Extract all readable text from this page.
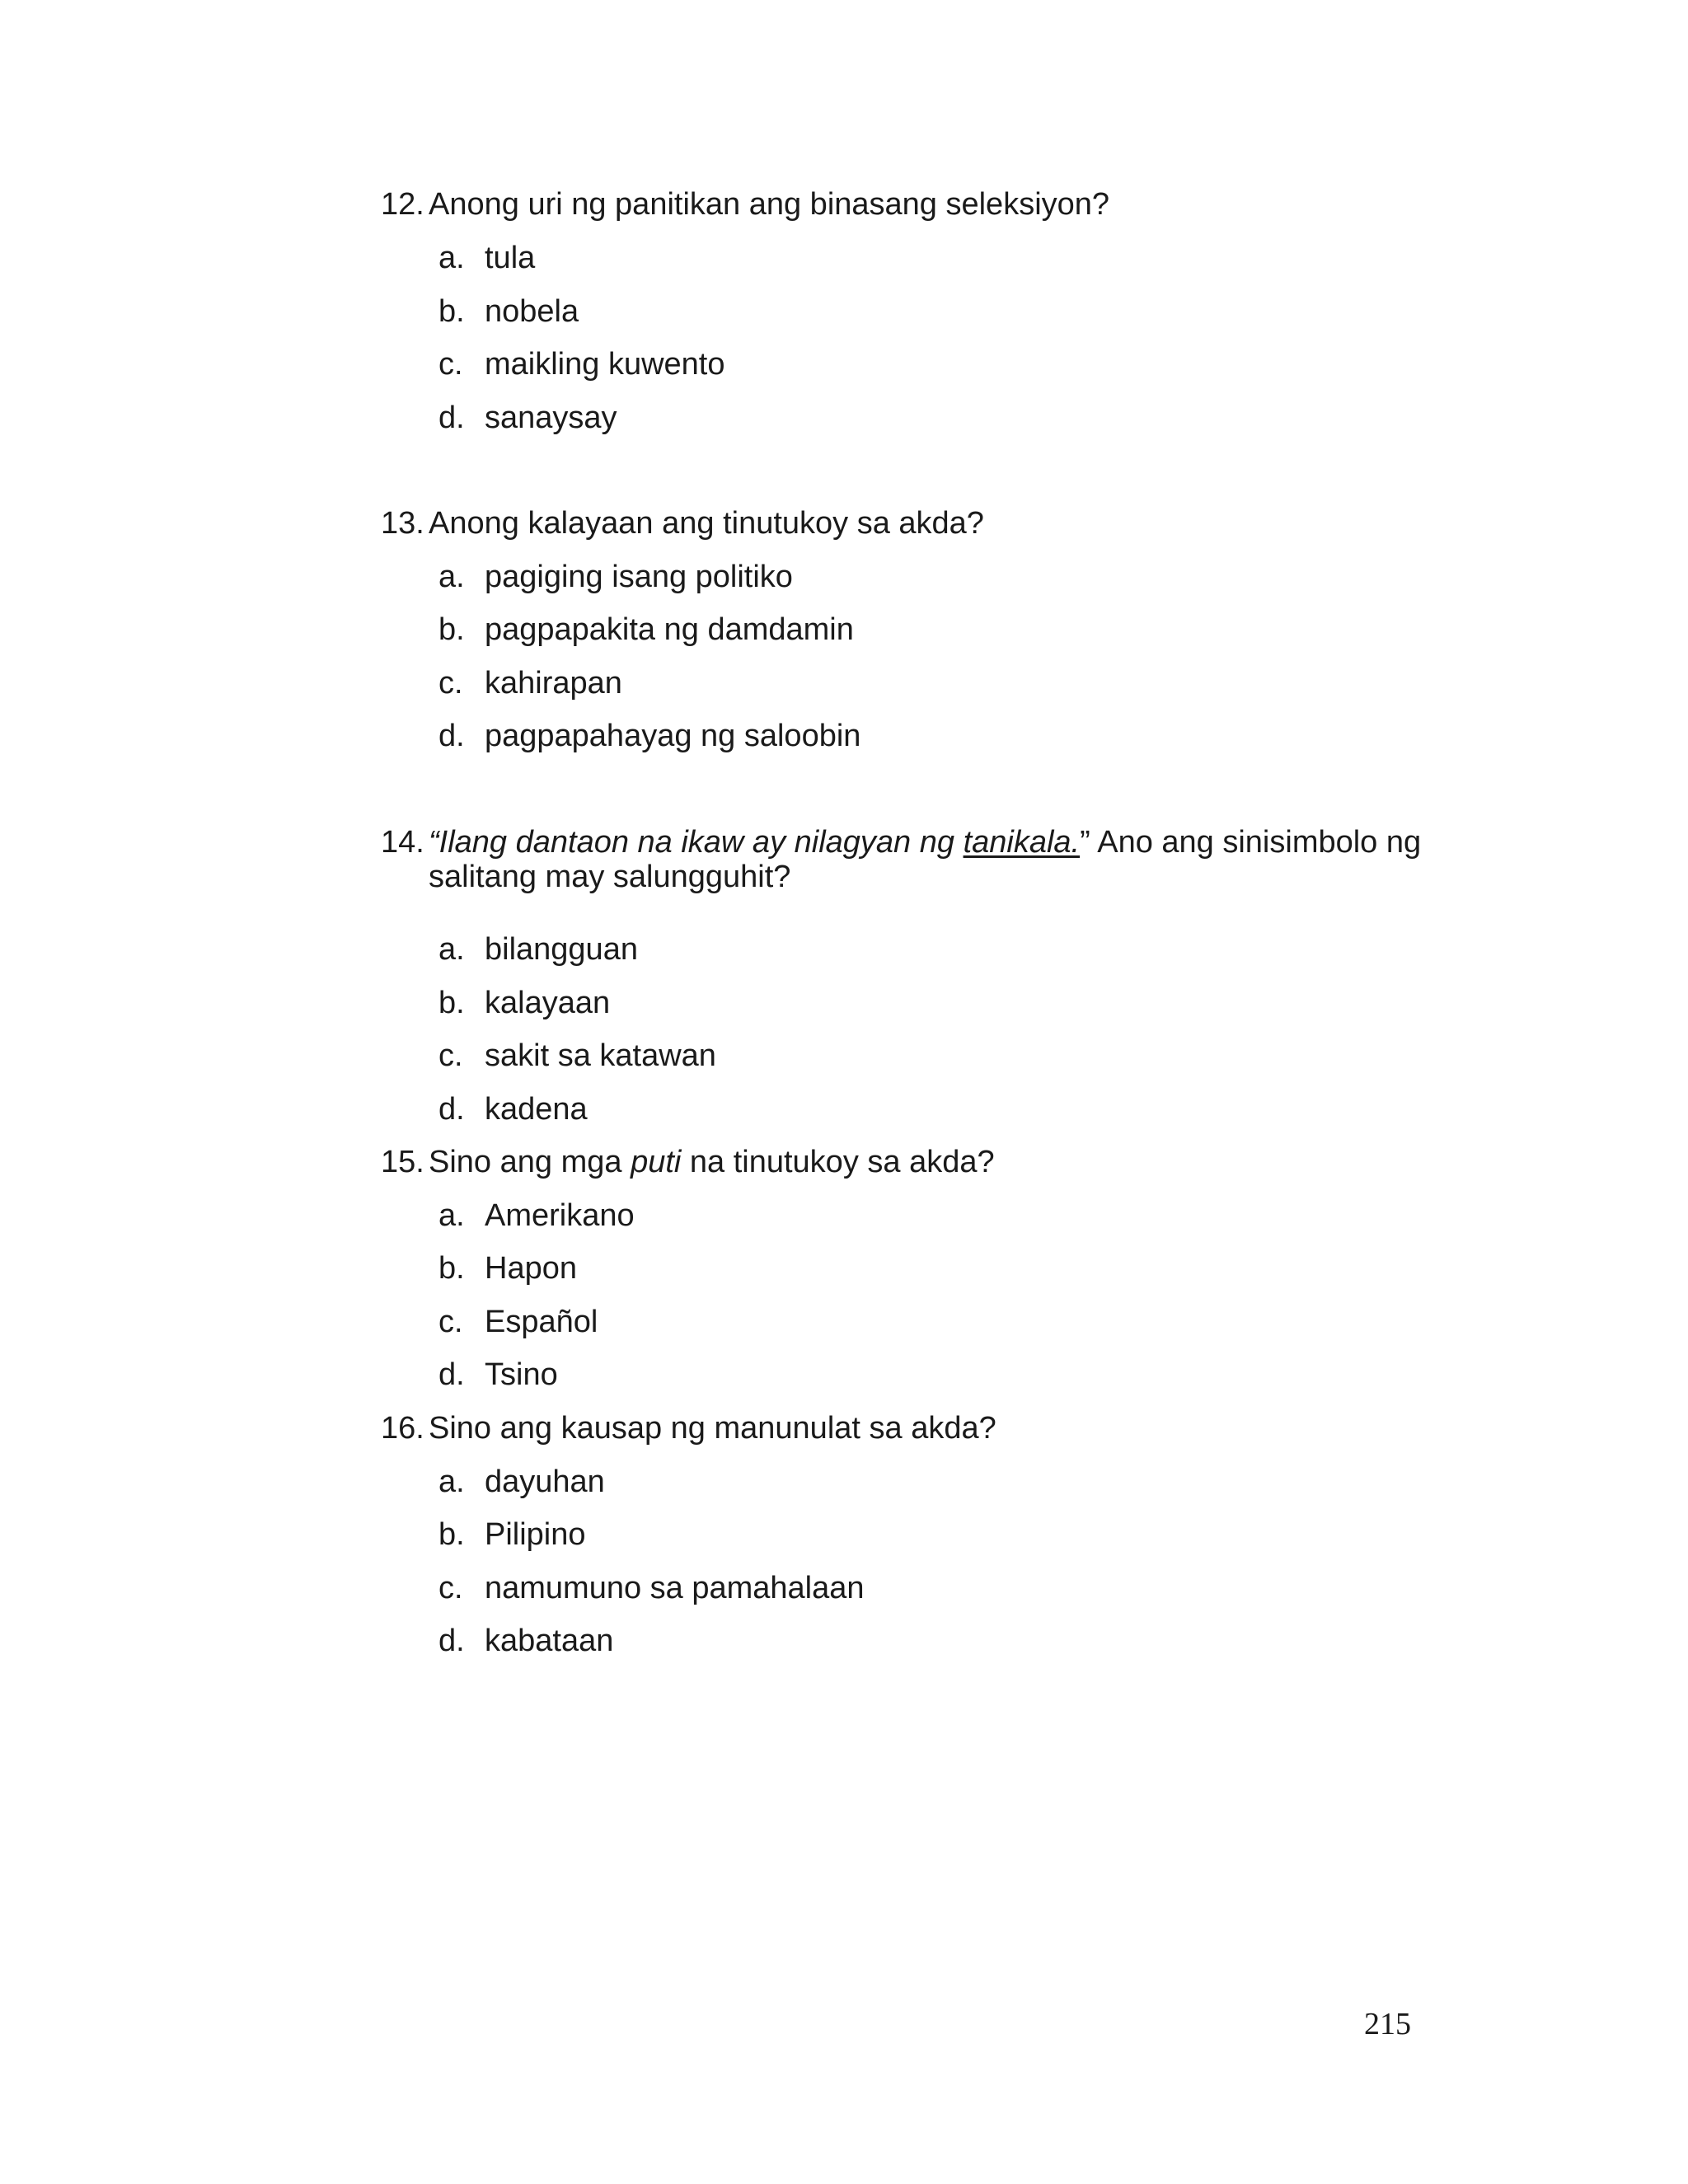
12. Anong uri ng panitikan ang binasang seleksiyon?
a. tula
b. nobela
c. maikling kuwento
d. sanaysay
13. Anong kalayaan ang tinutukoy sa akda?
a. pagiging isang politiko
b. pagpapakita ng damdamin
c. kahirapan
d. pagpapahayag ng saloobin
14. “Ilang dantaon na ikaw ay nilagyan ng tanikala.” Ano ang sinisimbolo ng salitang may salungguhit?
a. bilangguan
b. kalayaan
c. sakit sa katawan
d. kadena
15. Sino ang mga puti na tinutukoy sa akda?
a. Amerikano
b. Hapon
c. Español
d. Tsino
16. Sino ang kausap ng manunulat sa akda?
a. dayuhan
b. Pilipino
c. namumuno sa pamahalaan
d. kabataan
215
